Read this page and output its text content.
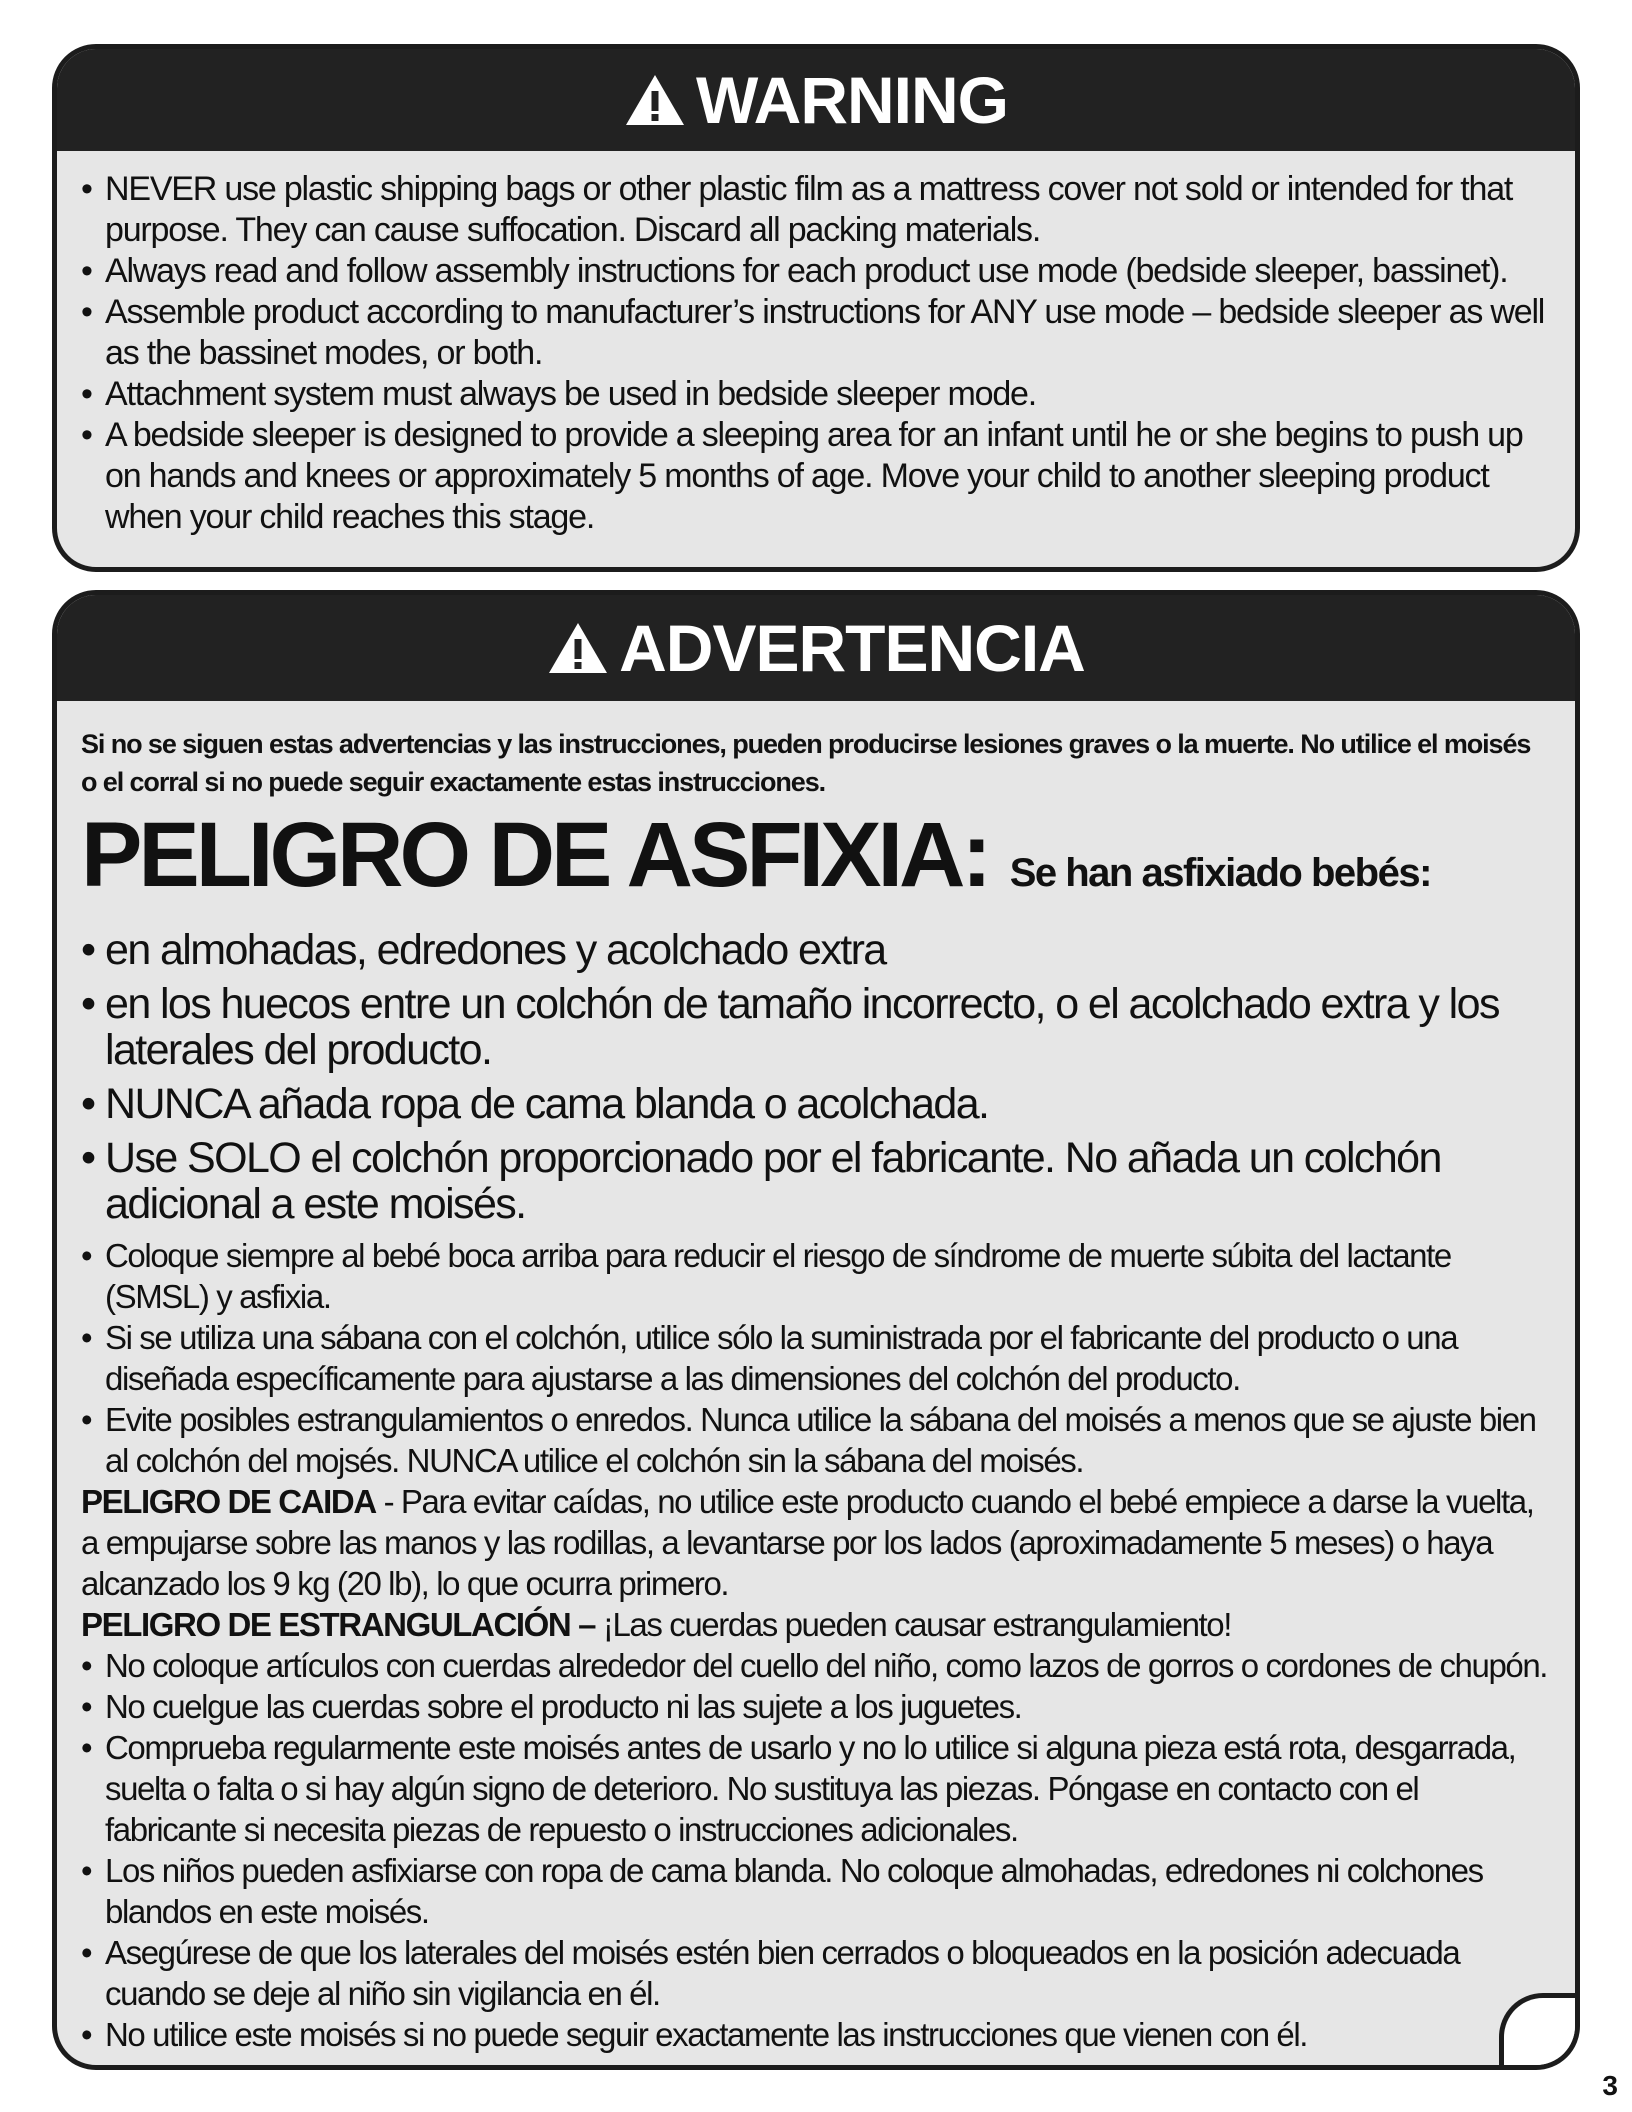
WARNING
• NEVER use plastic shipping bags or other plastic film as a mattress cover not sold or intended for that purpose. They can cause suffocation. Discard all packing materials.
• Always read and follow assembly instructions for each product use mode (bedside sleeper, bassinet).
• Assemble product according to manufacturer’s instructions for ANY use mode – bedside sleeper as well as the bassinet modes, or both.
• Attachment system must always be used in bedside sleeper mode.
• A bedside sleeper is designed to provide a sleeping area for an infant until he or she begins to push up on hands and knees or approximately 5 months of age. Move your child to another sleeping product when your child reaches this stage.
ADVERTENCIA

Si no se siguen estas advertencias y las instrucciones, pueden producirse lesiones graves o la muerte. No utilice el moisés o el corral si no puede seguir exactamente estas instrucciones.

PELIGRO DE ASFIXIA: Se han asfixiado bebés:
• en almohadas, edredones y acolchado extra
• en los huecos entre un colchón de tamaño incorrecto, o el acolchado extra y los laterales del producto.
• NUNCA añada ropa de cama blanda o acolchada.
• Use SOLO el colchón proporcionado por el fabricante. No añada un colchón adicional a este moisés.
• Coloque siempre al bebé boca arriba para reducir el riesgo de síndrome de muerte súbita del lactante (SMSL) y asfixia.
• Si se utiliza una sábana con el colchón, utilice sólo la suministrada por el fabricante del producto o una diseñada específicamente para ajustarse a las dimensiones del colchón del producto.
• Evite posibles estrangulamientos o enredos. Nunca utilice la sábana del moisés a menos que se ajuste bien al colchón del mojsés. NUNCA utilice el colchón sin la sábana del moisés.

PELIGRO DE CAIDA - Para evitar caídas, no utilice este producto cuando el bebé empiece a darse la vuelta, a empujarse sobre las manos y las rodillas, a levantarse por los lados (aproximadamente 5 meses) o haya alcanzado los 9 kg (20 lb), lo que ocurra primero.

PELIGRO DE ESTRANGULACIÓN – ¡Las cuerdas pueden causar estrangulamiento!

• No coloque artículos con cuerdas alrededor del cuello del niño, como lazos de gorros o cordones de chupón.
• No cuelgue las cuerdas sobre el producto ni las sujete a los juguetes.
• Comprueba regularmente este moisés antes de usarlo y no lo utilice si alguna pieza está rota, desgarrada, suelta o falta o si hay algún signo de deterioro. No sustituya las piezas. Póngase en contacto con el fabricante si necesita piezas de repuesto o instrucciones adicionales.
• Los niños pueden asfixiarse con ropa de cama blanda. No coloque almohadas, edredones ni colchones blandos en este moisés.
• Asegúrese de que los laterales del moisés estén bien cerrados o bloqueados en la posición adecuada cuando se deje al niño sin vigilancia en él.
• No utilice este moisés si no puede seguir exactamente las instrucciones que vienen con él.
3
